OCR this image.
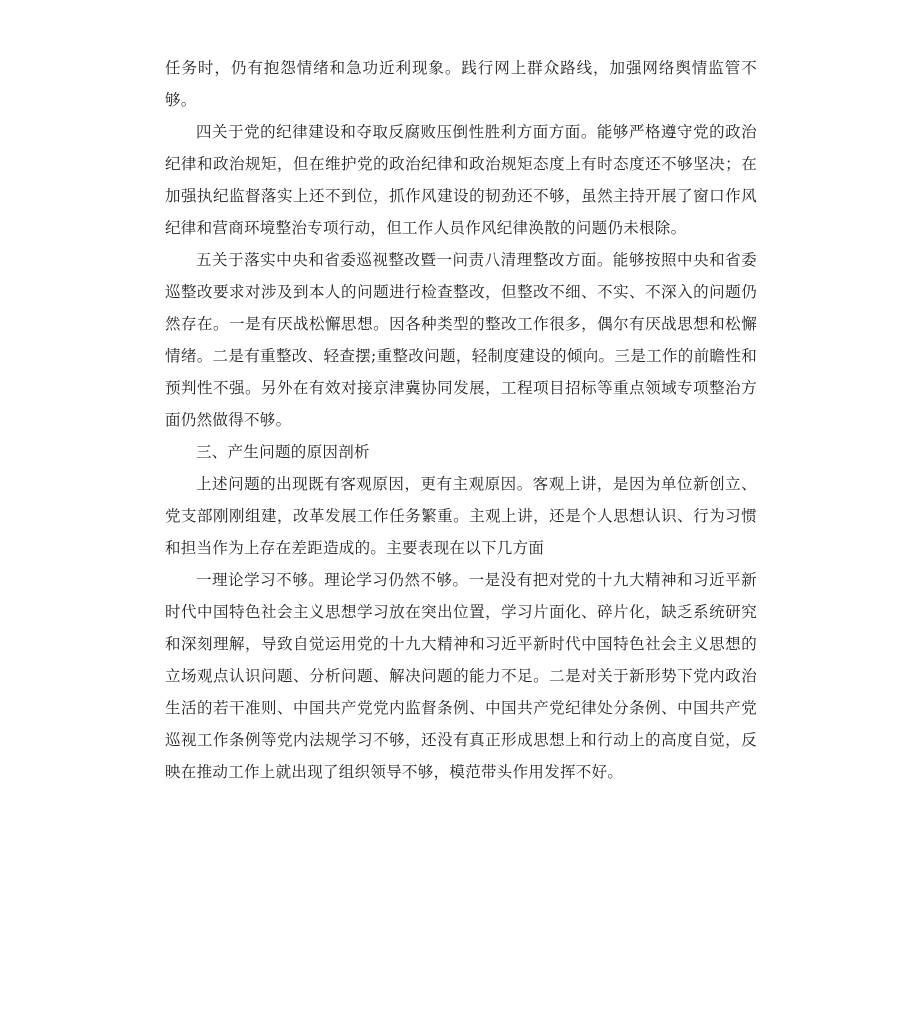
任务时，仍有抱怨情绪和急功近利现象。践行网上群众路线，加强网络舆情监管不够。

四关于党的纪律建设和夺取反腐败压倒性胜利方面方面。能够严格遵守党的政治纪律和政治规矩，但在维护党的政治纪律和政治规矩态度上有时态度还不够坚决；在加强执纪监督落实上还不到位，抓作风建设的韧劲还不够，虽然主持开展了窗口作风纪律和营商环境整治专项行动，但工作人员作风纪律涣散的问题仍未根除。

五关于落实中央和省委巡视整改暨一问责八清理整改方面。能够按照中央和省委巡整改要求对涉及到本人的问题进行检查整改，但整改不细、不实、不深入的问题仍然存在。一是有厌战松懈思想。因各种类型的整改工作很多，偶尔有厌战思想和松懈情绪。二是有重整改、轻查摆;重整改问题，轻制度建设的倾向。三是工作的前瞻性和预判性不强。另外在有效对接京津冀协同发展，工程项目招标等重点领域专项整治方面仍然做得不够。

三、产生问题的原因剖析

上述问题的出现既有客观原因，更有主观原因。客观上讲，是因为单位新创立、党支部刚刚组建，改革发展工作任务繁重。主观上讲，还是个人思想认识、行为习惯和担当作为上存在差距造成的。主要表现在以下几方面

一理论学习不够。理论学习仍然不够。一是没有把对党的十九大精神和习近平新时代中国特色社会主义思想学习放在突出位置，学习片面化、碎片化，缺乏系统研究和深刻理解，导致自觉运用党的十九大精神和习近平新时代中国特色社会主义思想的立场观点认识问题、分析问题、解决问题的能力不足。二是对关于新形势下党内政治生活的若干准则、中国共产党党内监督条例、中国共产党纪律处分条例、中国共产党巡视工作条例等党内法规学习不够，还没有真正形成思想上和行动上的高度自觉，反映在推动工作上就出现了组织领导不够，模范带头作用发挥不好。
